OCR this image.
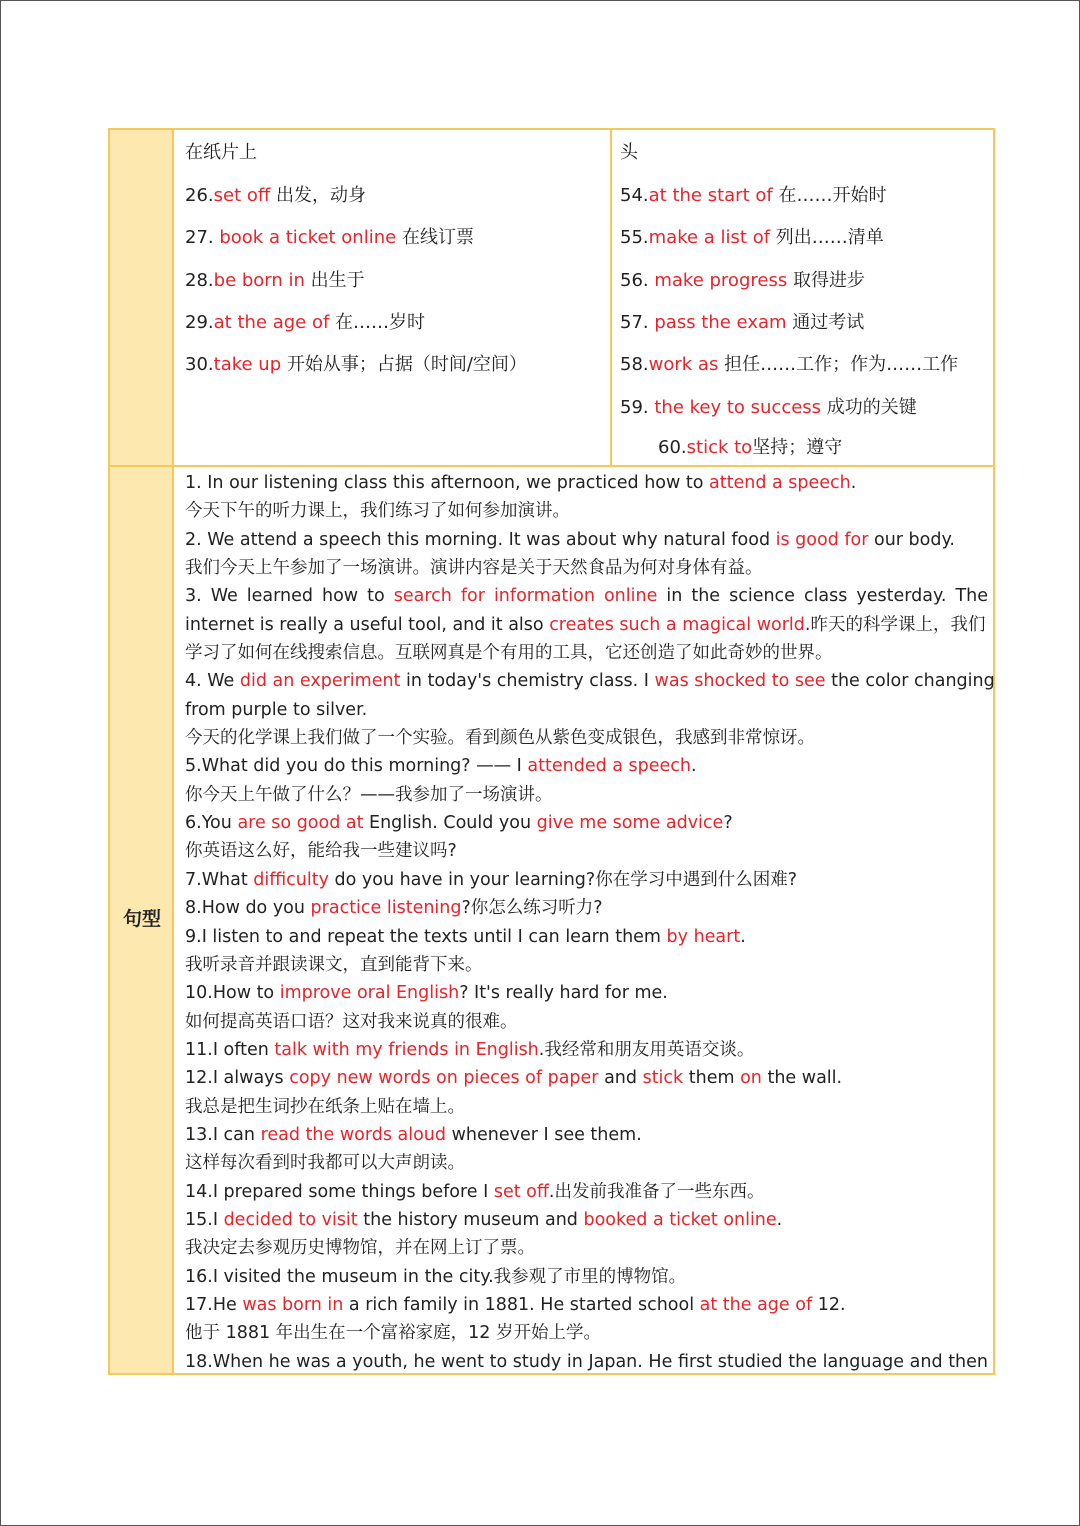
句型
在纸片上
26.set off 出发，动身
27. book a ticket online 在线订票
28.be born in 出生于
29.at the age of 在……岁时
30.take up 开始从事；占据（时间/空间）
头
54.at the start of 在……开始时
55.make a list of 列出……清单
56. make progress 取得进步
57. pass the exam 通过考试
58.work as 担任……工作；作为……工作
59. the key to success 成功的关键
60.stick to坚持；遵守
1. In our listening class this afternoon, we practiced how to attend a speech.
今天下午的听力课上，我们练习了如何参加演讲。
2. We attend a speech this morning. It was about why natural food is good for our body.
我们今天上午参加了一场演讲。演讲内容是关于天然食品为何对身体有益。
3. We learned how to search for information online in the science class yesterday. The
internet is really a useful tool, and it also creates such a magical world.昨天的科学课上，我们
学习了如何在线搜索信息。互联网真是个有用的工具，它还创造了如此奇妙的世界。
4. We did an experiment in today's chemistry class. I was shocked to see the color changing
from purple to silver.
今天的化学课上我们做了一个实验。看到颜色从紫色变成银色，我感到非常惊讶。
5.What did you do this morning? —— I attended a speech.
你今天上午做了什么？——我参加了一场演讲。
6.You are so good at English. Could you give me some advice?
你英语这么好，能给我一些建议吗?
7.What difficulty do you have in your learning?你在学习中遇到什么困难?
8.How do you practice listening?你怎么练习听力?
9.I listen to and repeat the texts until I can learn them by heart.
我听录音并跟读课文，直到能背下来。
10.How to improve oral English? It's really hard for me.
如何提高英语口语？这对我来说真的很难。
11.I often talk with my friends in English.我经常和朋友用英语交谈。
12.I always copy new words on pieces of paper and stick them on the wall.
我总是把生词抄在纸条上贴在墙上。
13.I can read the words aloud whenever I see them.
这样每次看到时我都可以大声朗读。
14.I prepared some things before I set off.出发前我准备了一些东西。
15.I decided to visit the history museum and booked a ticket online.
我决定去参观历史博物馆，并在网上订了票。
16.I visited the museum in the city.我参观了市里的博物馆。
17.He was born in a rich family in 1881. He started school at the age of 12.
他于 1881 年出生在一个富裕家庭，12 岁开始上学。
18.When he was a youth, he went to study in Japan. He first studied the language and then
